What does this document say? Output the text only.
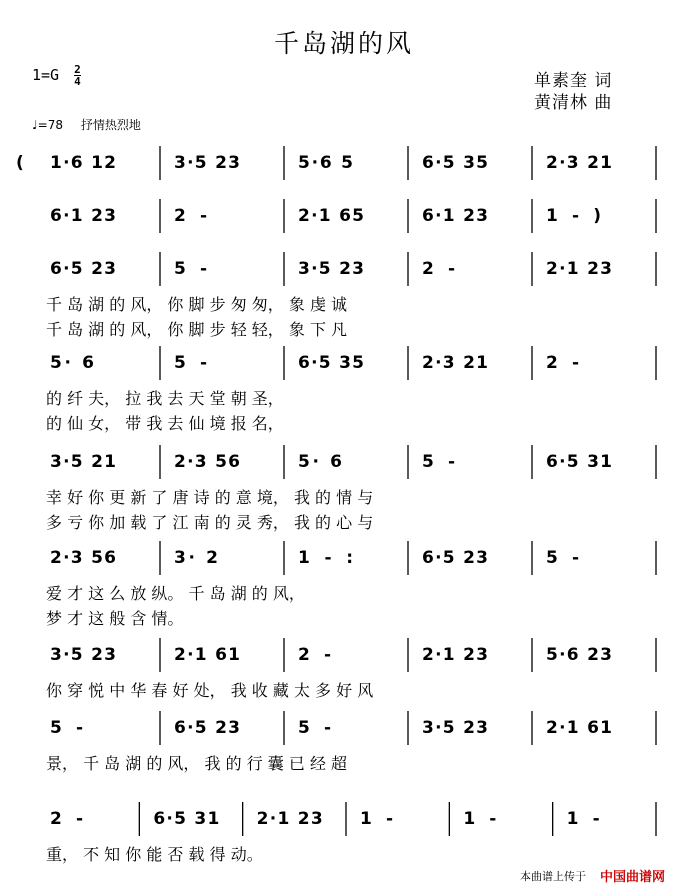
千岛湖的风
$1=G \frac{2}{4}$	单素奎 词
黄清林 曲
♩=78 抒情热烈地
( 1·6 12	3·5 23	5·6 5	6·5 35	2·3 21
6·1 23	2 -	2·1 65	6·1 23	1 - )
6·5 23	5 -	3·5 23	2 -	2·1 23
千 岛 湖 的 风， 你 脚 步 匆 匆， 象 虔 诚
千 岛 湖 的 风， 你 脚 步 轻 轻， 象 下 凡
5· 6	5 -	6·5 35	2·3 21	2 -
的 纤 夫， 拉 我 去 天 堂 朝 圣，
的 仙 女， 带 我 去 仙 境 报 名，
3·5 21	2·3 56	5· 6	5 -	6·5 31
幸 好 你 更 新 了 唐 诗 的 意 境， 我 的 情 与
多 亏 你 加 载 了 江 南 的 灵 秀， 我 的 心 与
2·3 56	3· 2	1 - :	6·5 23	5 -
爱 才 这 么 放 纵。 千 岛 湖 的 风，
梦 才 这 般 含 情。
3·5 23	2·1 61	2 -	2·1 23	5·6 23
你 穿 悦 中 华 春 好 处， 我 收 藏 太 多 好 风
5 -	6·5 23	5 -	3·5 23	2·1 61
景， 千 岛 湖 的 风， 我 的 行 囊 已 经 超
2 -	6·5 31 2·1 23 1 -	1 -	1 -
重， 不 知 你 能 否 载 得 动。
本曲谱上传于 中国曲谱网
